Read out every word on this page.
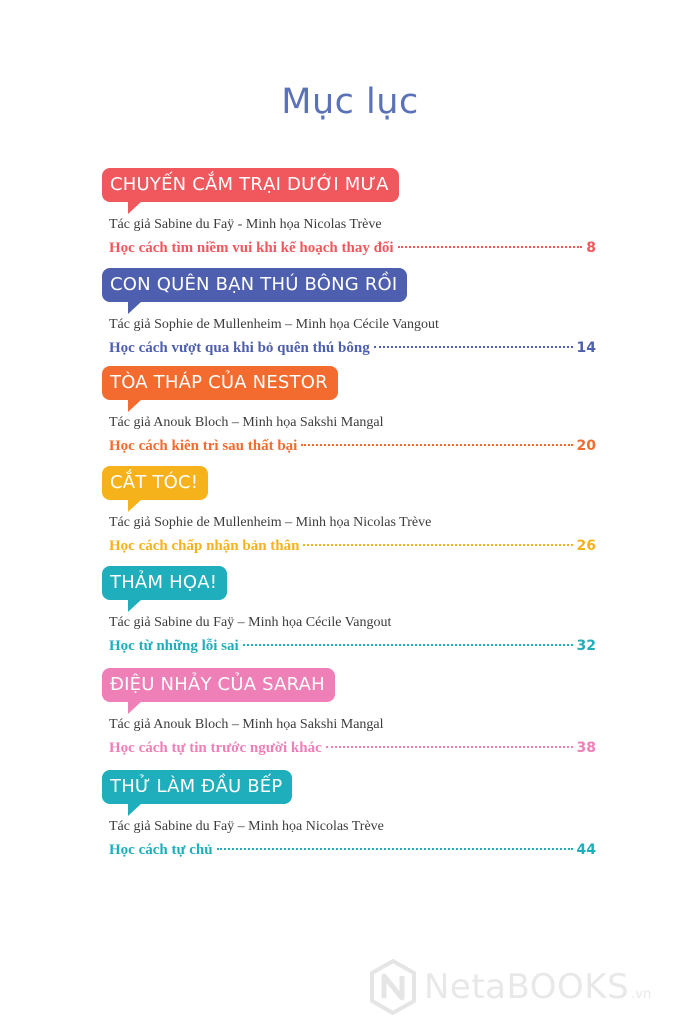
Mục lục
CHUYẾN CẮM TRẠI DƯỚI MƯA
Tác giả Sabine du Faÿ - Minh họa Nicolas Trève
Học cách tìm niềm vui khi kế hoạch thay đổi	8
CON QUÊN BẠN THÚ BÔNG RỒI
Tác giả Sophie de Mullenheim – Minh họa Cécile Vangout
Học cách vượt qua khi bỏ quên thú bông	14
TÒA THÁP CỦA NESTOR
Tác giả Anouk Bloch – Minh họa Sakshi Mangal
Học cách kiên trì sau thất bại	20
CẮT TÓC!
Tác giả Sophie de Mullenheim – Minh họa Nicolas Trève
Học cách chấp nhận bản thân	26
THẢM HỌA!
Tác giả Sabine du Faÿ – Minh họa Cécile Vangout
Học từ những lỗi sai	32
ĐIỆU NHẢY CỦA SARAH
Tác giả Anouk Bloch – Minh họa Sakshi Mangal
Học cách tự tin trước người khác	38
THỬ LÀM ĐẦU BẾP
Tác giả Sabine du Faÿ – Minh họa Nicolas Trève
Học cách tự chủ	44
NetaBOOKS .vn
